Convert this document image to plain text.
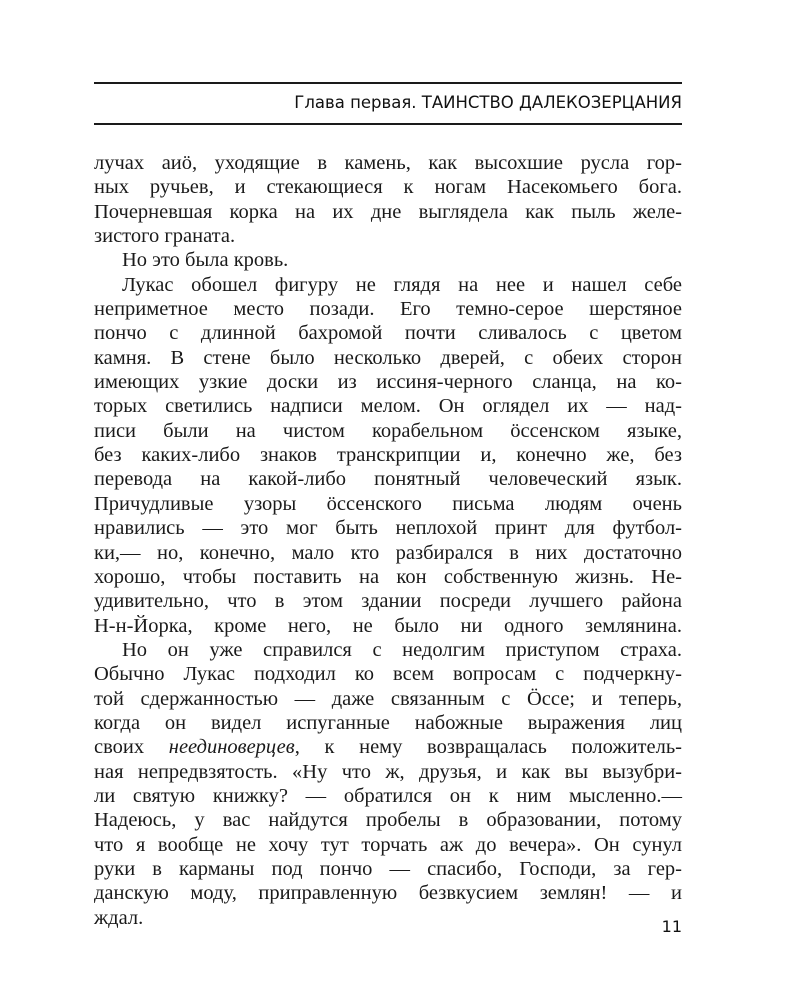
Глава первая. ТАИНСТВО ДАЛЕКОЗЕРЦАНИЯ
лучах аиö, уходящие в камень, как высохшие русла гор-
ных ручьев, и стекающиеся к ногам Насекомьего бога.
Почерневшая корка на их дне выглядела как пыль желе-
зистого граната.
Но это была кровь.
Лукас обошел фигуру не глядя на нее и нашел себе
неприметное место позади. Его темно-серое шерстяное
пончо с длинной бахромой почти сливалось с цветом
камня. В стене было несколько дверей, с обеих сторон
имеющих узкие доски из иссиня-черного сланца, на ко-
торых светились надписи мелом. Он оглядел их — над-
писи были на чистом корабельном öссенском языке,
без каких-либо знаков транскрипции и, конечно же, без
перевода на какой-либо понятный человеческий язык.
Причудливые узоры öссенского письма людям очень
нравились — это мог быть неплохой принт для футбол-
ки,— но, конечно, мало кто разбирался в них достаточно
хорошо, чтобы поставить на кон собственную жизнь. Не-
удивительно, что в этом здании посреди лучшего района
Н-н-Йорка, кроме него, не было ни одного землянина.
Но он уже справился с недолгим приступом страха.
Обычно Лукас подходил ко всем вопросам с подчеркну-
той сдержанностью — даже связанным с Öссе; и теперь,
когда он видел испуганные набожные выражения лиц
своих неединоверцев, к нему возвращалась положитель-
ная непредвзятость. «Ну что ж, друзья, и как вы вызубри-
ли святую книжку? — обратился он к ним мысленно.—
Надеюсь, у вас найдутся пробелы в образовании, потому
что я вообще не хочу тут торчать аж до вечера». Он сунул
руки в карманы под пончо — спасибо, Господи, за гер-
данскую моду, приправленную безвкусием землян! — и
ждал.	11
